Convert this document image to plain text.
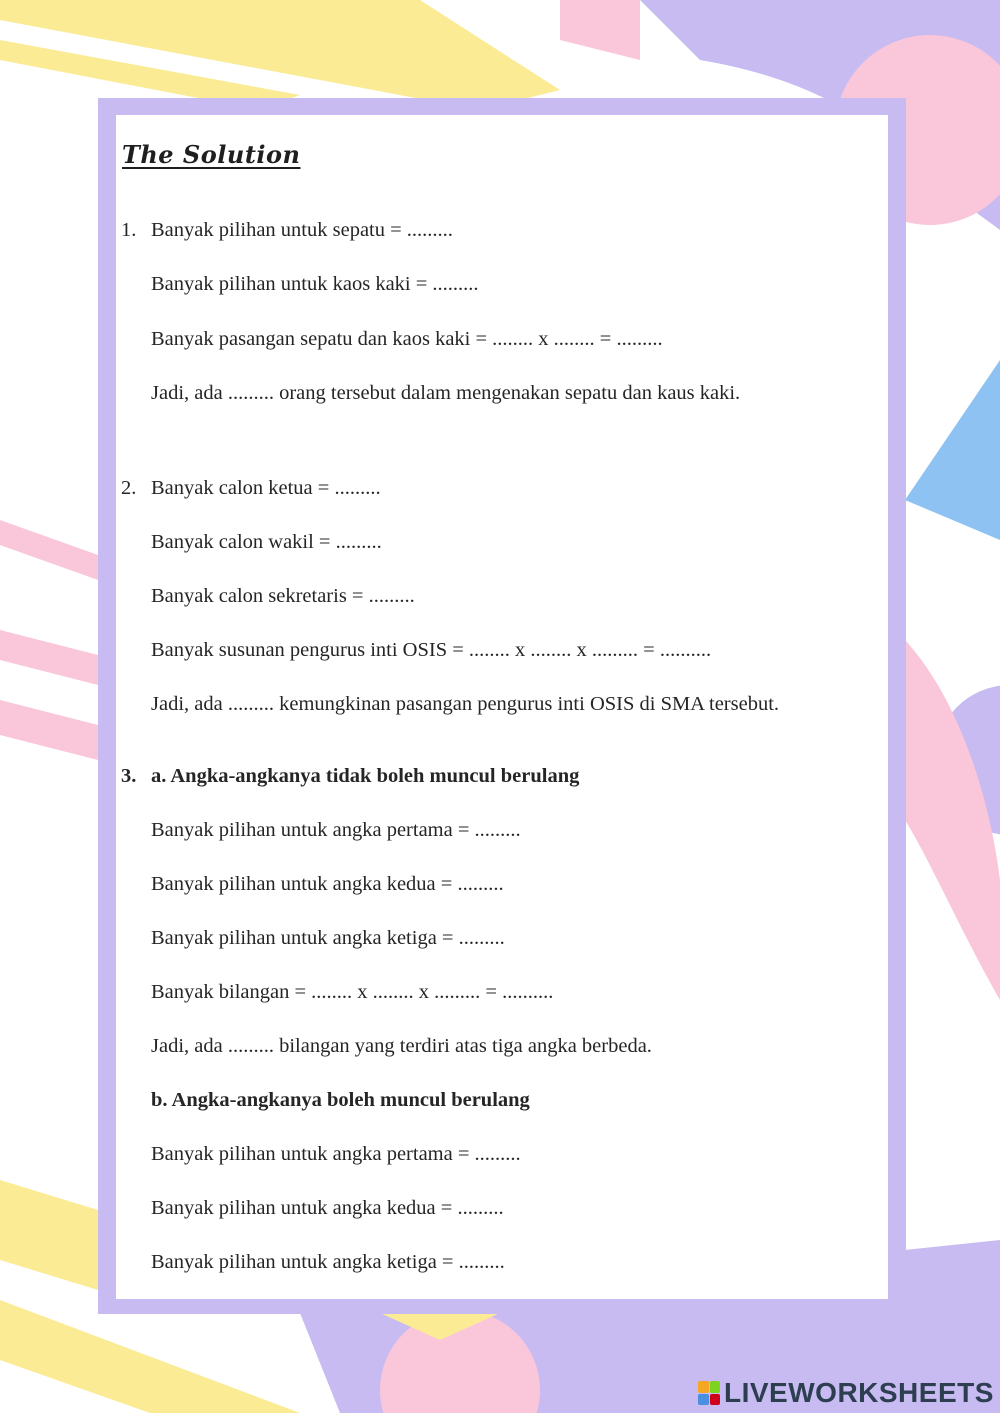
The Solution
1. Banyak pilihan untuk sepatu = .........
Banyak pilihan untuk kaos kaki = .........
Banyak pasangan sepatu dan kaos kaki = ........ x ........ = .........
Jadi, ada ......... orang tersebut dalam mengenakan sepatu dan kaus kaki.
2. Banyak calon ketua = .........
Banyak calon wakil = .........
Banyak calon sekretaris = .........
Banyak susunan pengurus inti OSIS = ........ x ........ x ......... = ..........
Jadi, ada ......... kemungkinan pasangan pengurus inti OSIS di SMA tersebut.
3. a. Angka-angkanya tidak boleh muncul berulang
Banyak pilihan untuk angka pertama = .........
Banyak pilihan untuk angka kedua = .........
Banyak pilihan untuk angka ketiga = .........
Banyak bilangan = ........ x ........ x ......... = ..........
Jadi, ada ......... bilangan yang terdiri atas tiga angka berbeda.
b. Angka-angkanya boleh muncul berulang
Banyak pilihan untuk angka pertama = .........
Banyak pilihan untuk angka kedua = .........
Banyak pilihan untuk angka ketiga = .........
LIVEWORKSHEETS
